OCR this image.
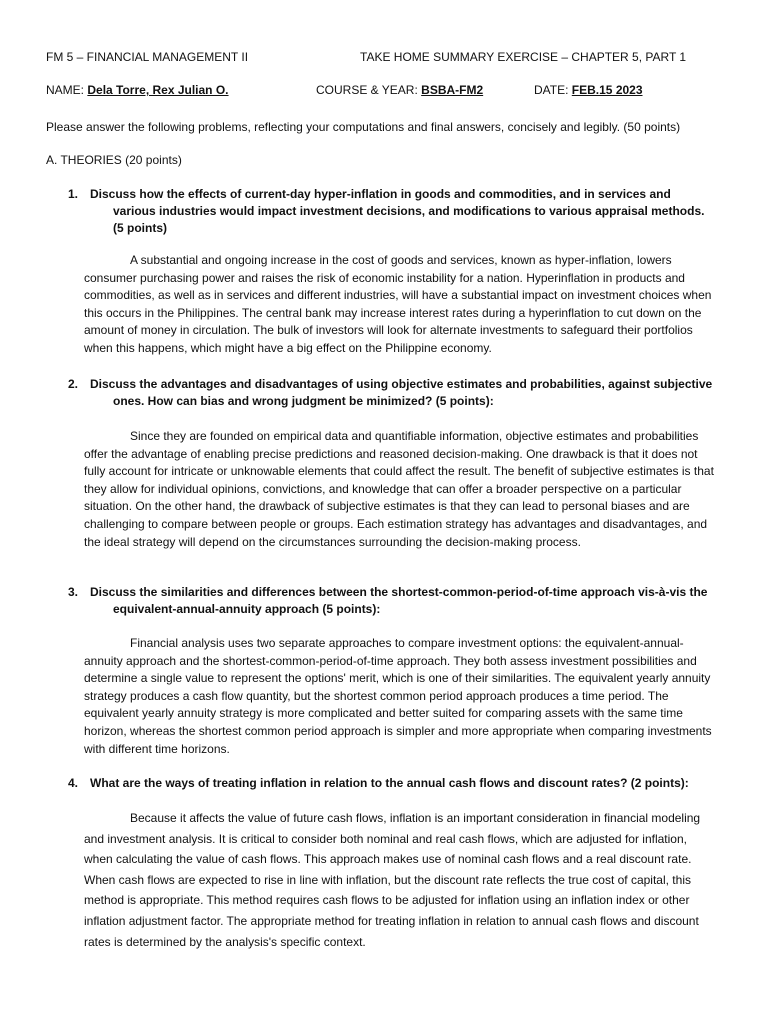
FM 5 – FINANCIAL MANAGEMENT II	TAKE HOME SUMMARY EXERCISE – CHAPTER 5, PART 1
NAME: Dela Torre, Rex Julian O.	COURSE & YEAR: BSBA-FM2	DATE: FEB.15 2023
Please answer the following problems, reflecting your computations and final answers, concisely and legibly. (50 points)
A. THEORIES (20 points)
1. Discuss how the effects of current-day hyper-inflation in goods and commodities, and in services and various industries would impact investment decisions, and modifications to various appraisal methods. (5 points)
A substantial and ongoing increase in the cost of goods and services, known as hyper-inflation, lowers consumer purchasing power and raises the risk of economic instability for a nation. Hyperinflation in products and commodities, as well as in services and different industries, will have a substantial impact on investment choices when this occurs in the Philippines. The central bank may increase interest rates during a hyperinflation to cut down on the amount of money in circulation. The bulk of investors will look for alternate investments to safeguard their portfolios when this happens, which might have a big effect on the Philippine economy.
2. Discuss the advantages and disadvantages of using objective estimates and probabilities, against subjective ones. How can bias and wrong judgment be minimized? (5 points):
Since they are founded on empirical data and quantifiable information, objective estimates and probabilities offer the advantage of enabling precise predictions and reasoned decision-making. One drawback is that it does not fully account for intricate or unknowable elements that could affect the result. The benefit of subjective estimates is that they allow for individual opinions, convictions, and knowledge that can offer a broader perspective on a particular situation. On the other hand, the drawback of subjective estimates is that they can lead to personal biases and are challenging to compare between people or groups. Each estimation strategy has advantages and disadvantages, and the ideal strategy will depend on the circumstances surrounding the decision-making process.
3. Discuss the similarities and differences between the shortest-common-period-of-time approach vis-à-vis the equivalent-annual-annuity approach (5 points):
Financial analysis uses two separate approaches to compare investment options: the equivalent-annual-annuity approach and the shortest-common-period-of-time approach. They both assess investment possibilities and determine a single value to represent the options' merit, which is one of their similarities. The equivalent yearly annuity strategy produces a cash flow quantity, but the shortest common period approach produces a time period. The equivalent yearly annuity strategy is more complicated and better suited for comparing assets with the same time horizon, whereas the shortest common period approach is simpler and more appropriate when comparing investments with different time horizons.
4. What are the ways of treating inflation in relation to the annual cash flows and discount rates? (2 points):
Because it affects the value of future cash flows, inflation is an important consideration in financial modeling and investment analysis. It is critical to consider both nominal and real cash flows, which are adjusted for inflation, when calculating the value of cash flows. This approach makes use of nominal cash flows and a real discount rate. When cash flows are expected to rise in line with inflation, but the discount rate reflects the true cost of capital, this method is appropriate. This method requires cash flows to be adjusted for inflation using an inflation index or other inflation adjustment factor. The appropriate method for treating inflation in relation to annual cash flows and discount rates is determined by the analysis's specific context.
